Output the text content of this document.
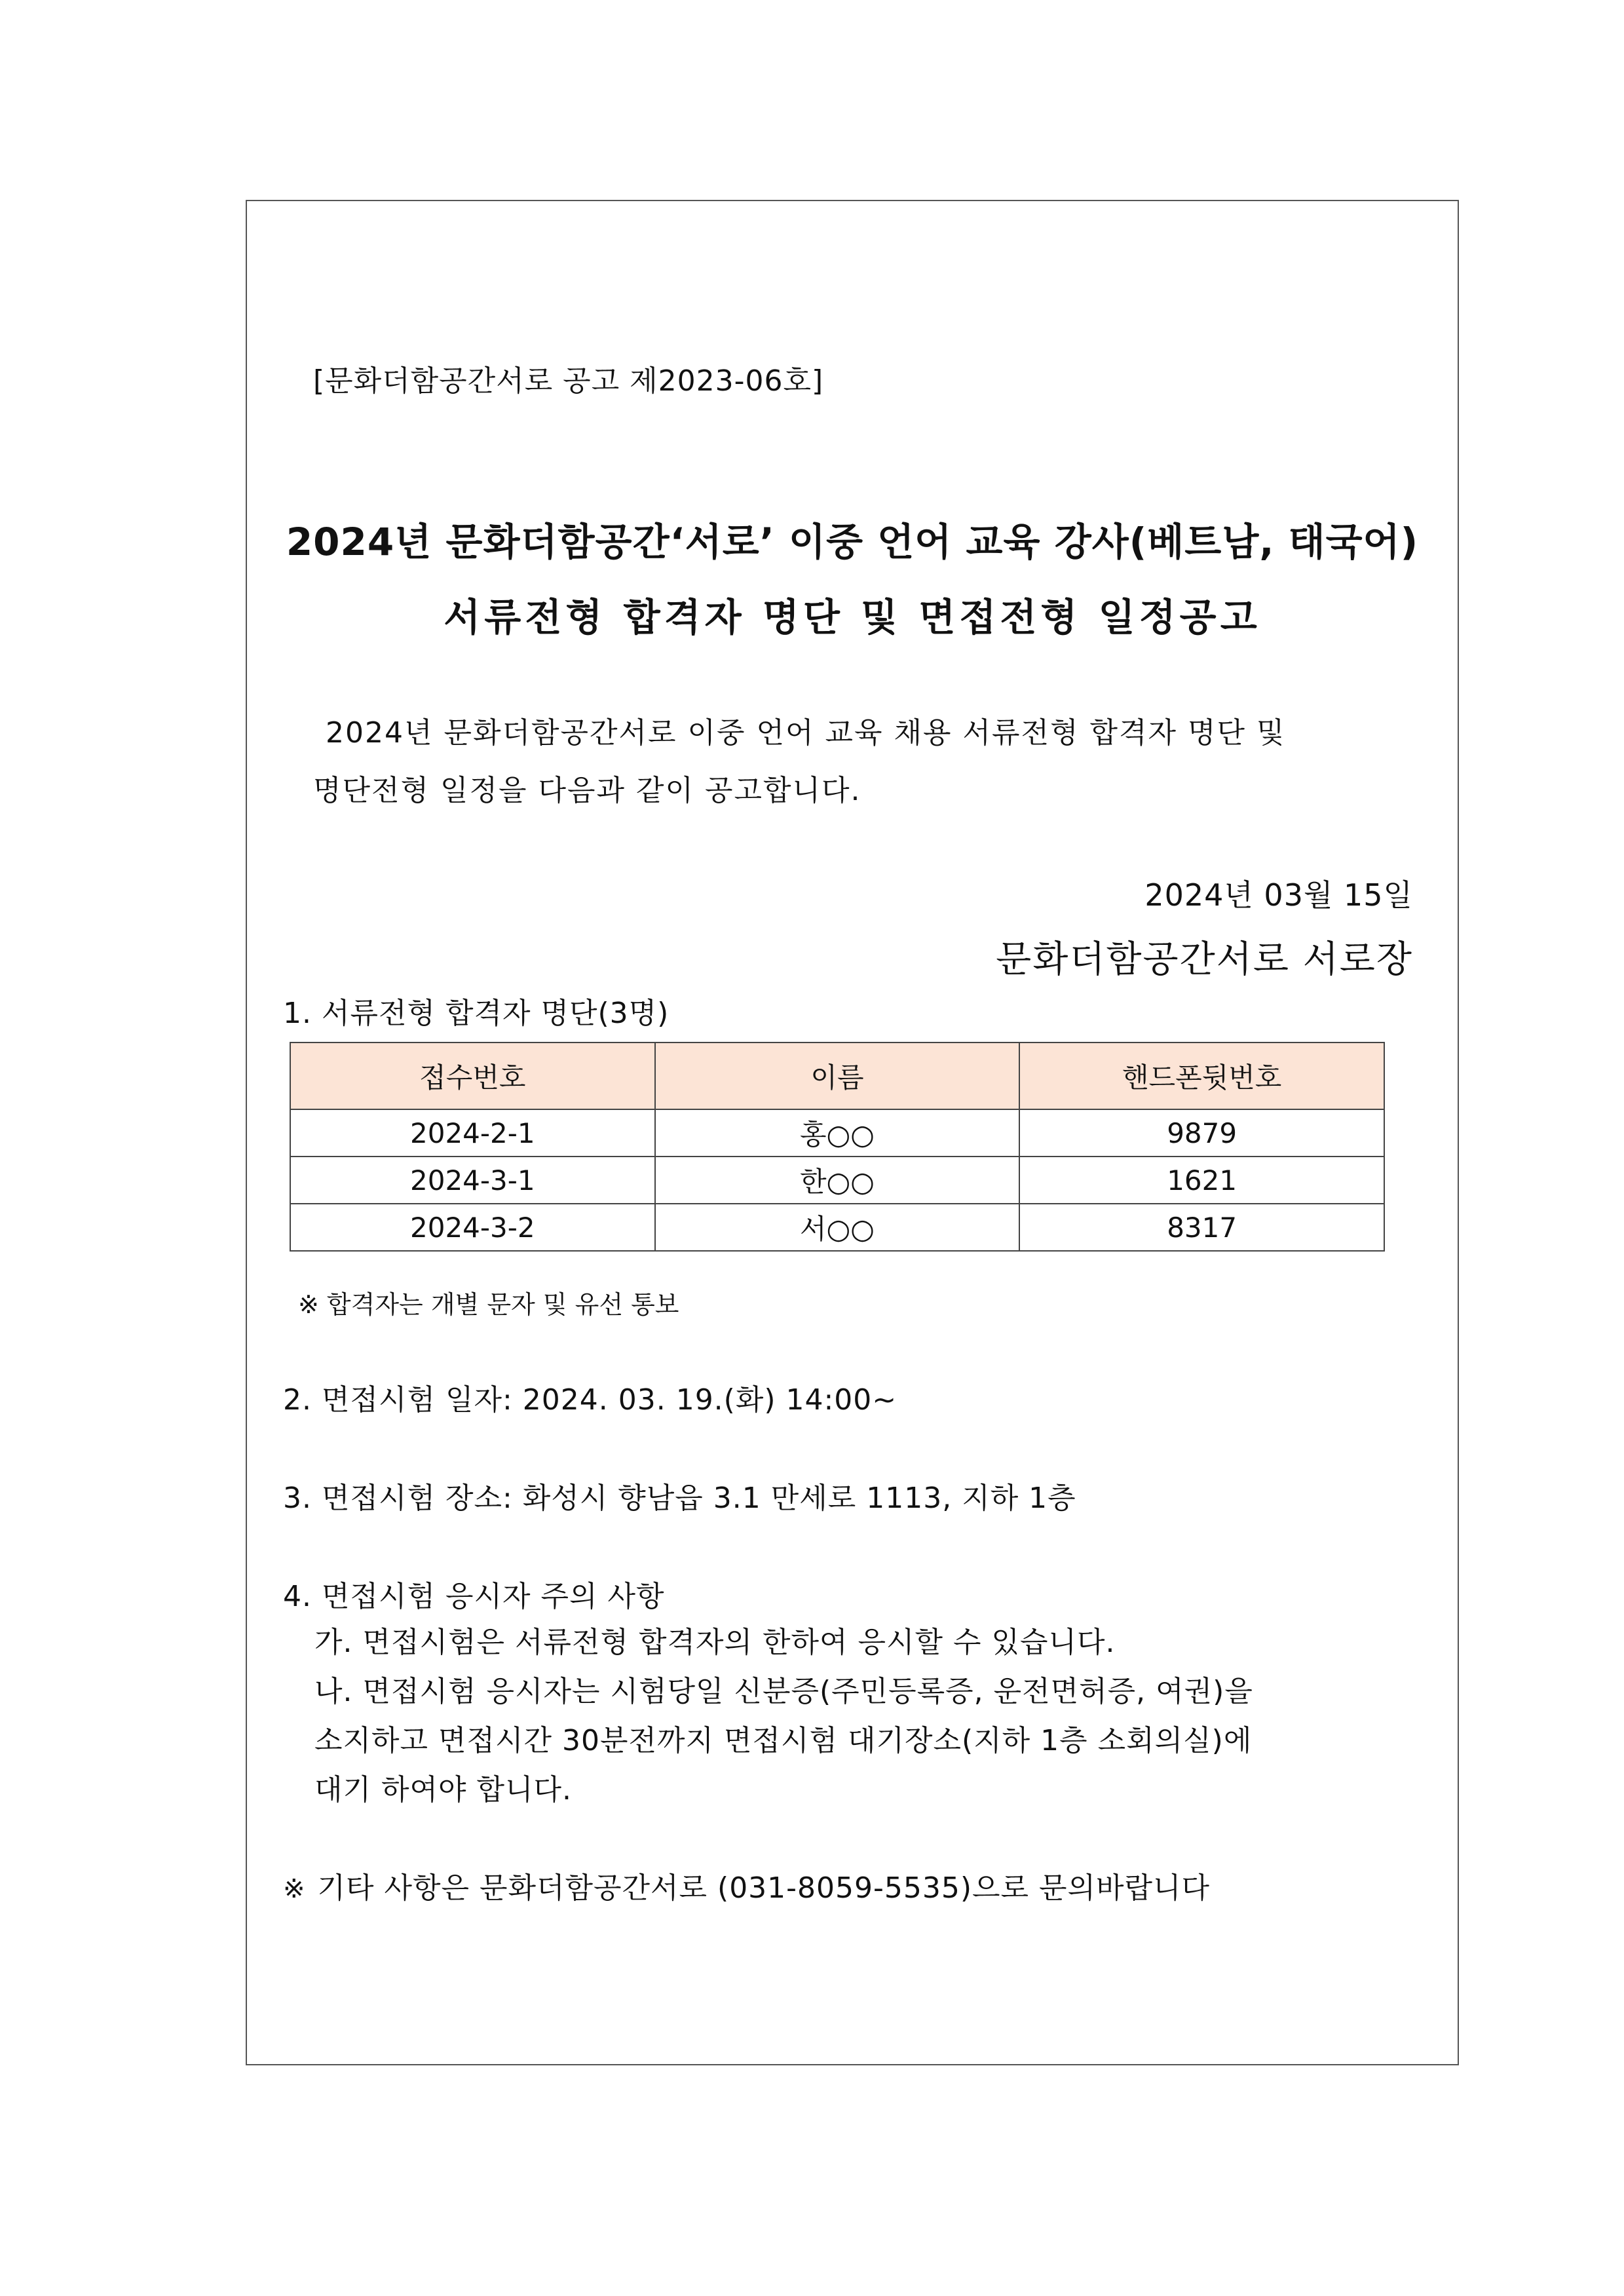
[문화더함공간서로 공고 제2023-06호]
2024년 문화더함공간‘서로’ 이중 언어 교육 강사(베트남, 태국어)
서류전형 합격자 명단 및 면접전형 일정공고
2024년 문화더함공간서로 이중 언어 교육 채용 서류전형 합격자 명단 및
명단전형 일정을 다음과 같이 공고합니다.
2024년 03월 15일
문화더함공간서로 서로장
1. 서류전형 합격자 명단(3명)
접수번호	이름	핸드폰뒷번호
2024-2-1	홍○○	9879
2024-3-1	한○○	1621
2024-3-2	서○○	8317
※ 합격자는 개별 문자 및 유선 통보
2. 면접시험 일자: 2024. 03. 19.(화) 14:00~
3. 면접시험 장소: 화성시 향남읍 3.1 만세로 1113, 지하 1층
4. 면접시험 응시자 주의 사항
가. 면접시험은 서류전형 합격자의 한하여 응시할 수 있습니다.
나. 면접시험 응시자는 시험당일 신분증(주민등록증, 운전면허증, 여권)을
소지하고 면접시간 30분전까지 면접시험 대기장소(지하 1층 소회의실)에
대기 하여야 합니다.
※ 기타 사항은 문화더함공간서로 (031-8059-5535)으로 문의바랍니다
